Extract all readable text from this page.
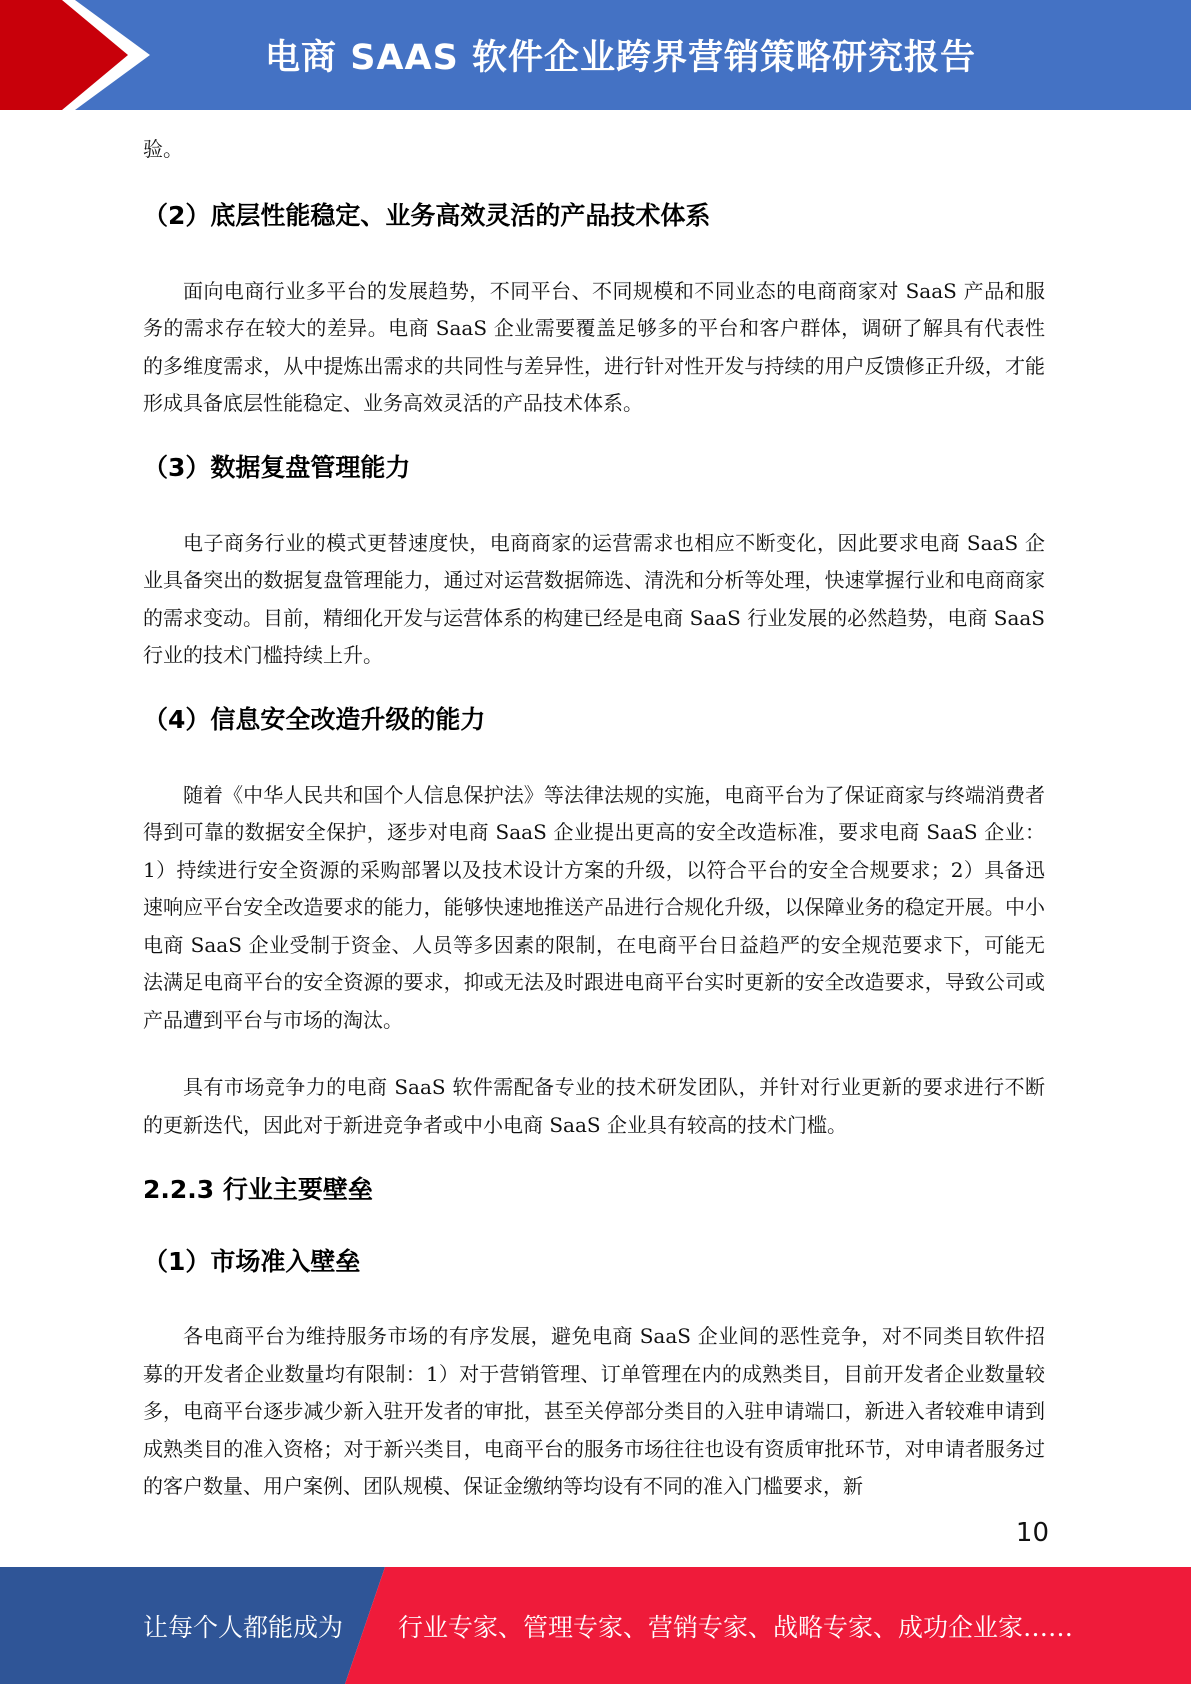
电商 SAAS 软件企业跨界营销策略研究报告

验。

（2）底层性能稳定、业务高效灵活的产品技术体系

面向电商行业多平台的发展趋势，不同平台、不同规模和不同业态的电商商家对 SaaS 产品和服务的需求存在较大的差异。电商 SaaS 企业需要覆盖足够多的平台和客户群体，调研了解具有代表性的多维度需求，从中提炼出需求的共同性与差异性，进行针对性开发与持续的用户反馈修正升级，才能形成具备底层性能稳定、业务高效灵活的产品技术体系。

（3）数据复盘管理能力

电子商务行业的模式更替速度快，电商商家的运营需求也相应不断变化，因此要求电商 SaaS 企业具备突出的数据复盘管理能力，通过对运营数据筛选、清洗和分析等处理，快速掌握行业和电商商家的需求变动。目前，精细化开发与运营体系的构建已经是电商 SaaS 行业发展的必然趋势，电商 SaaS 行业的技术门槛持续上升。

（4）信息安全改造升级的能力

随着《中华人民共和国个人信息保护法》等法律法规的实施，电商平台为了保证商家与终端消费者得到可靠的数据安全保护，逐步对电商 SaaS 企业提出更高的安全改造标准，要求电商 SaaS 企业：1）持续进行安全资源的采购部署以及技术设计方案的升级，以符合平台的安全合规要求；2）具备迅速响应平台安全改造要求的能力，能够快速地推送产品进行合规化升级，以保障业务的稳定开展。中小电商 SaaS 企业受制于资金、人员等多因素的限制，在电商平台日益趋严的安全规范要求下，可能无法满足电商平台的安全资源的要求，抑或无法及时跟进电商平台实时更新的安全改造要求，导致公司或产品遭到平台与市场的淘汰。

具有市场竞争力的电商 SaaS 软件需配备专业的技术研发团队，并针对行业更新的要求进行不断的更新迭代，因此对于新进竞争者或中小电商 SaaS 企业具有较高的技术门槛。

2.2.3 行业主要壁垒
（1）市场准入壁垒

各电商平台为维持服务市场的有序发展，避免电商 SaaS 企业间的恶性竞争，对不同类目软件招募的开发者企业数量均有限制：1）对于营销管理、订单管理在内的成熟类目，目前开发者企业数量较多，电商平台逐步减少新入驻开发者的审批，甚至关停部分类目的入驻申请端口，新进入者较难申请到成熟类目的准入资格；对于新兴类目，电商平台的服务市场往往也设有资质审批环节，对申请者服务过的客户数量、用户案例、团队规模、保证金缴纳等均设有不同的准入门槛要求，新

10
让每个人都能成为 行业专家、管理专家、营销专家、战略专家、成功企业家……
